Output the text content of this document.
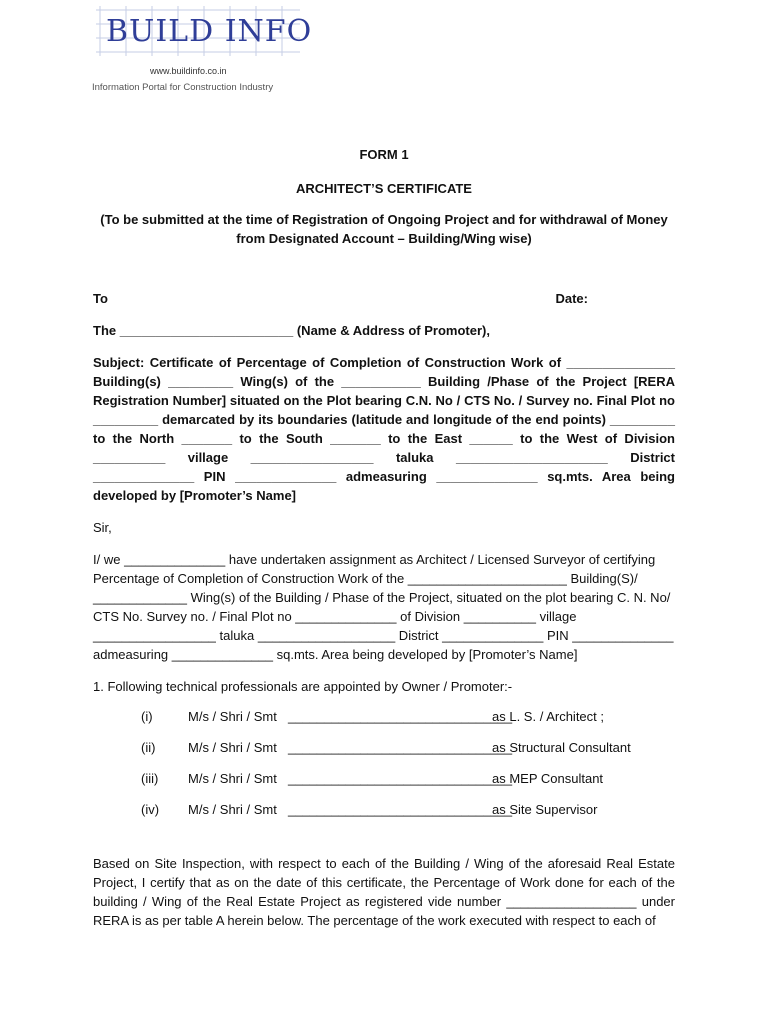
BUILD INFO
www.buildinfo.co.in
Information Portal for Construction Industry
FORM 1
ARCHITECT’S CERTIFICATE
(To be submitted at the time of Registration of Ongoing Project and for withdrawal of Money from Designated Account – Building/Wing wise)
To	Date:
The ________________________ (Name & Address of Promoter),
Subject: Certificate of Percentage of Completion of Construction Work of _______________ Building(s) _________ Wing(s) of the ___________ Building /Phase of the Project [RERA Registration Number] situated on the Plot bearing C.N. No / CTS No. / Survey no. Final Plot no _________ demarcated by its boundaries (latitude and longitude of the end points) _________ to the North _______ to the South _______ to the East ______ to the West of Division __________ village _________________ taluka _____________________ District ______________ PIN ______________ admeasuring ______________ sq.mts. Area being developed by [Promoter’s Name]
Sir,
I/ we ______________ have undertaken assignment as Architect / Licensed Surveyor of certifying Percentage of Completion of Construction Work of the ______________________ Building(S)/ _____________ Wing(s) of the Building / Phase of the Project, situated on the plot bearing C. N. No/ CTS No. Survey no. / Final Plot no ______________ of Division __________ village _________________ taluka ___________________ District ______________ PIN ______________ admeasuring ______________ sq.mts. Area being developed by [Promoter’s Name]
1. Following technical professionals are appointed by Owner / Promoter:-
(i)	M/s / Shri / Smt _______________________________
as L. S. / Architect ;
(ii)	M/s / Shri / Smt _______________________________
as Structural Consultant
(iii)	M/s / Shri / Smt _______________________________
as MEP Consultant
(iv)	M/s / Shri / Smt _______________________________
as Site Supervisor
Based on Site Inspection, with respect to each of the Building / Wing of the aforesaid Real Estate Project, I certify that as on the date of this certificate, the Percentage of Work done for each of the building / Wing of the Real Estate Project as registered vide number __________________ under RERA is as per table A herein below. The percentage of the work executed with respect to each of
